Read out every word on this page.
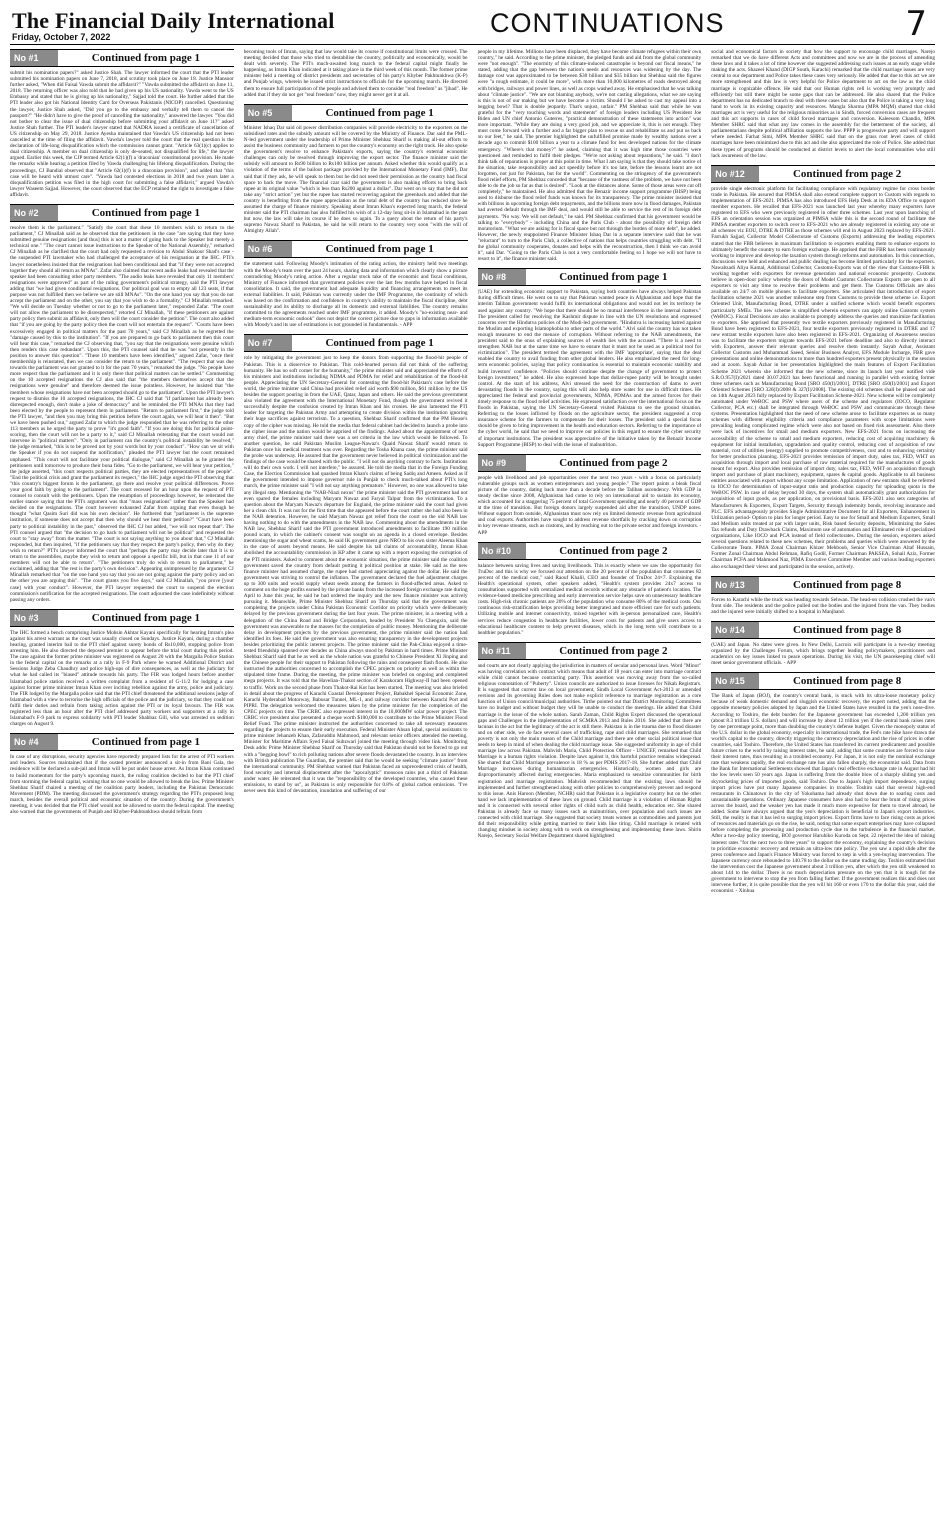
The Financial Daily International
Friday, October 7, 2022	CONTINUATIONS	7
No #1	Continued from page 1
submit his nomination papers?" asked Justice Shah. The lawyer informed the court that the PTI leader submitted his nomination papers on June 7, 2018, and scrutiny took place on June 18. Justice Mansoor further asked, "When did Faisal Vawda submit the affidavit?" "Vawda submitted the affidavit on June 11, 2018. The returning officer was also told that he had given up his US nationality. Vawda went to the US Embassy and stated that he is giving up his nationality," Sajjad told the court. He further added that the PTI leader also got his National Identity Card for Overseas Pakistanis (NICOP) cancelled. Questioning the lawyer, Justice Shah asked, "Did you go to the embassy and verbally tell them to cancel the passport?" "He didn't have to give the proof of cancelling the nationality," answered the lawyer. "You did not bother to clear the issue of dual citizenship before submitting your affidavit on June 11?" asked Justice Shah further. The PTI leader's lawyer stated that NADRA issued a certificate of cancellation of US citizenship on May 29, 2018. Justice Ayesha maintained that Vawda's US citizenship had not been cancelled at the time of filing the affidavit. Vawda's lawyer told the court that the real question is the declaration of life-long disqualification which the commission cannot grant. "Article 63(1)(c) applies to dual citizenship. A member on dual citizenship is only de-seated, not disqualified for life," the lawyer argued. Earlier this week, the CJP termed Article 62(1)(f) a 'draconian' constitutional provision. He made the remarks while hearing a petition filed by Vawda challenging his lifelong disqualification. During the proceedings, CJ Bandial observed that "Article 62(1)(f) is a draconian provision", and added that "this case will be heard with utmost care". "Vawda had contested elections in 2018 and two years later a disqualification petition was filed in the high court for submitting a false affidavit," argued Vawda's lawyer Waseem Sajjad. However, the court observed that the ECP retained the right to investigate a false affidavit.
No #2	Continued from page 1
resolve them is the parliament." "Satisfy the court that these 10 members wish to return to the parliament," CJ Minallah said as he observed that the petitioners in the case "are saying that they have submitted genuine resignations [and thus] this is not a matter of going back to the Speaker but merely a technical one." "The court cannot issue instructions to the Speaker of the National Assembly," remarked CJ Minallah as he clarified that the court had only requested a revision to Abdul Shakoor Shad's case - the suspended PTI lawmaker who had challenged the acceptance of his resignation at the IHC. PTI's lawyer nonetheless insisted that the resignations had been conditional and that "if they were not accepted together they should all return as MNAs". Zafar also claimed that recent audio leaks had revealed that the speaker had been consulting other party members. "The audio leaks have revealed that only 11 members' resignations were approved" as part of the ruling government's political strategy, said the PTI lawyer adding that "we had given conditional resignations. Our political goal was to empty all 123 seats, if that purpose was not fulfilled then we believe we are still MNAs". "On the one hand you say that you do not accept the parliament and on the other, you say that you wish to do a formality," CJ Minallah remarked. "We will decide on Tuesday whether or not to go to the parliament later," responded Zafar. "The court will not allow the parliament to be disrespected," retorted CJ Minallah, "if these petitioners are against party policy then submit an affidavit, only then will the court consider the petition". The court also added that "if you are going by the party policy then the court will not entertain the request". "Courts have been excessively engaged in political matters for the past 70 years," said CJ Minallah as he regretted the "damage caused by this to the institution". "If you are prepared to go back to parliament then this court will hear this case," remarked the CJ observing that, "you say that the resignations were genuine which then renders this case redundant". Upon this, the PTI counsel said that he was "not presently in the position to answer this question". "These 10 members have been identified," argued Zafar, "once their membership is reinstated, then we can consider the return to the parliament". "The respect that was due towards the parliament was not granted to it for the past 70 years," remarked the judge. "No people have more respect than the parliament and it is only there that political matters can be settled." Commenting on the 10 accepted resignations the CJ also said that "the members themselves accept that the resignations were genuine" and therefore deemed the issue pointless. However, he insisted that "the members whose resignations have not been accepted should go to the parliament". Upon the PTI lawyer's request to dismiss the 10 accepted resignations, the IHC CJ said that "if parliament has already been disrespected enough, don't make a joke of democracy" and he reminded the PTI MNAs that they had been elected by the people to represent them in parliament. "Return to parliament first," the judge told the PTI lawyer, "and then you may bring this petition before the court again, we will hear it then". "But we have been pushed out," argued Zafar to which the judge responded that he was referring to the other 113 members as he urged the party to prove "it's good faith". "If you are doing this for political point-scoring, then the court will not be a party to it," said CJ Minallah reiterating that the court would not intervene in "political matters". "Only in parliament can the country's political instability be resolved," the judge remarked, "this is to be proved not by your words but by your conduct". "How can we sit with the Speaker if you do not suspend the notification," pleaded the PTI lawyer but the court remained unphased. "This court will not facilitate your political dialogue," said CJ Minallah as he granted the petitioners until tomorrow to produce their bona fides. "Go to the parliament, we will hear your petition," the judge asserted, "this court respects political parties, they are elected representatives of the people". "End the political crisis and grant the parliament its respect," the IHC judge urged the PTI observing that "this country's biggest forum is the parliament, go there and resolve your political differences. Prove your good faith by going to the parliament". The court recessed for an hour upon the request of PTI counsel to consult with the petitioners. Upon the resumption of proceedings however, he reiterated the earlier stance saying that the PTI's argument was that "mass resignations" rather than the Speaker had decided on the resignations. The court however exhausted Zafar from arguing that even though he thought "what Qasim Suri did was his own decision". He furthered that "parliament is the supreme institution, if someone does not accept that then why should we hear their petition?" "Court have been party to political instability in the past," observed the IHC CJ but added, "we will not repeat that". The PTI counsel argued that "the decision to go back to parliament will not be political" and requested the court to "stay away" from the matter. "The court is not saying anything to you about that," CJ Minallah responded, but then inquired, "if the petitioners say that they respect the party's policy, then why do they wish to return?" PTI's lawyer informed the court that "perhaps the party may decide later that it is to return to the assemblies, maybe they wish to return and oppose a specific bill, but in that case 11 of our members will not be able to return". "The petitioners truly do wish to return to parliament," he exclaimed, adding that "the rest is the party's own decision". Appearing unimpressed by the argument CJ Minallah remarked that "on the one hand you say that you are not going against the party policy and on the other you are arguing this". "The court grants you five days," said CJ Minallah, "you prove [your case] with your conduct". However, the PTI lawyer requested the court to suspend the election commission's notification for the accepted resignations. The court adjourned the case indefinitely without passing any orders.
No #3	Continued from page 1
The IHC formed a bench comprising Justice Mohsin Akhtar Kayani specifically for hearing Imran's plea against his arrest warrant as the court was usually closed on Sundays. Justice Kayani, during a chamber hearing, granted interim bail to the PTI chief against surety bonds of Rs10,000, stopping police from arresting him. He also directed the deposed premier to appear before the trial court during this period. The case against the former prime minister was registered on August 20 with the Margalla Police Station in the federal capital on the remarks at a rally in F-9 Park where he warned Additional District and Sessions Judge Zeba Chaudhry and police high-ups of dire consequences, as well as the judiciary for what he had called its "biased" attitude towards his party. The FIR was lodged hours before another Islamabad police station received a written complaint from a resident of G-11/2 for lodging a case against former prime minister Imran Khan over inciting rebellion against the army, police and judiciary. The FIR lodged by the Margalla police said that the PTI chief threatened the additional sessions judge of Islamabad with a view to terrorise the high officials of the police and the judiciary, so that they could not fulfil their duties and refrain from taking action against the PTI or its loyal favours. The FIR was registered less than an hour after the PTI chief addressed party workers and supporters at a rally in Islamabad's F-9 park to express solidarity with PTI leader Shahbaz Gill, who was arrested on sedition charges on August 9.
No #4	Continued from page 1
In case of any disruptions, security agencies have reportedly prepared lists for the arrest of PTI workers and leaders. Sources maintained that if the ousted premier announced a sit-in from Bani Gala, the residence will be declared a sub-jail and Imran will be put under house arrest. As Imran Khan continued to build momentum for the party's upcoming march, the ruling coalition decided to bar the PTI chief from storming the federal capital, warning that no one would be allowed to break the law. Prime Minister Shehbaz Sharif chaired a meeting of the coalition party leaders, including the Pakistan Democratic Movement (PDM). The meeting discussed the government's strategy regarding the PTI's proposed long march, besides the overall political and economic situation of the country. During the government's meeting, it was decided that the PTI chief would not be allowed to storm the federal capital. The meeting also warned that the governments of Punjab and Khyber-Pakhtunkhwa should refrain from
becoming tools of Imran, saying that law would take its course if constitutional limits were crossed. The meeting decided that those who tried to destabilise the country, politically and economically, would be dealt with severely. The PTI's much-awaited long march to the federal capital might finally be happening, as Imran Khan indicated at it taking place in the third week of this month. The former prime minister held a meeting of district presidents and secretaries of his party's Khyber Pakhtunkhwa (K-P) and Punjab wings, wherein he issued strict instructions to officials for the upcoming march. He directed them to ensure full participation of the people and advised them to consider "real freedom" as "jihad". He added that if they do not get "real freedom" now, they might never get it at all.
No #5	Continued from page 1
Minister Ishaq Dar said oil power distribution companies will provide electricity to the exporters on the subsidised rates and the subsidy amount will be covered by the Ministry of Finance. Dar said the PML-N-led government under the leadership of Prime Minister Shehbaz Sharif is making all-out efforts to assist the business community and farmers to put the country's economy on the right track. He also spoke the government's resolve to enhance Pakistan's exports, saying the country's external economic challenges can only be resolved through improving the export sector. The finance minister said the subsidy will amount to Rs90 billion to Rs100 billion per annum. Asked whether this would qualify as a violation of the terms of the bailout package provided by the International Monetary Fund (IMF), Dar said that if they ask, he will speak to them but he did not need their permission as the country had fiscal space to back the move. The financial czar said the government is also making efforts to bring back rupee at its original value "which is less than Rs200 against a dollar". Dar went on to say that he did not take any "strict action" yet but the rupee has started recovering against the greenback and added that the country is benefiting from the rupee appreciation as the total debt of the country has reduced since he assumed the charge of finance ministry. Speaking about Imran Khan's expected long march, the federal minister said the PTI chairman has also fulfilled his wish of a 12-day long sit-in in Islamabad in the past but now, the law will take its course if he does so again. To a query about the return of his party's supremo Nawaz Sharif to Pakistan, he said he will return to the country very soon "with the will of Almighty Allah".
No #6	Continued from page 1
the statement said. Following Moody's intimation of the rating action, the ministry held two meetings with the Moody's team over the past 24 hours, sharing data and information which clearly show a picture contradicting Moody's rating action. After a regular stock take of the economic and fiscal conditions, Ministry of Finance informed that government policies over the last few months have helped in fiscal consolidation. It said, the government had adequate liquidity and financing arrangements to meet its external liabilities. It said, Pakistan was currently under the IMF Programme, the continuity of which was based on the confirmation and confidence in country's ability to maintain the fiscal discipline, debt sustainability and its ability to discharge all its domestic and external liabilities. The country remains committed to the agreements reached under IMF programme, it added. Moody's "no-existing near- and medium-term economic outlook" does not depict the correct picture due to gaps in information available with Moody's and its use of estimations is not grounded in fundamentals. - APP
No #7	Continued from page 1
role by mitigating the government just to keep the donors from supporting the flood-hit people of Pakistan. This is a disservice to Pakistan. This cold-hearted person did not think of the suffering humanity. He has no soft corner for the humanity," the prime minister said and appreciated the efforts of his ministers and institutions including NDMA and PDMA for relief and rehabilitation of the flood-hit people. Appreciating the UN Secretary-General for contesting the flood-hit Pakistan's case before the world, the prime minister said China had provided relief aid worth $90 million, $61 million by the US besides the support pouring in from the UAE, Qatar, Japan and others. He said the previous government also violated the agreement with the International Monetary Fund, though the government revived it successfully despite the confusion created by Imran Khan and his cronies. He also lamented the PTI leader for targeting the Pakistan Army and attempting to create division within the institution ignoring their huge sacrifices against terrorism. To a question, Shehbaz Sharif confirmed that the PM House's copy of the cipher was missing. He told the media that federal cabinet had decided to launch a probe into the cipher issue and the nation would be apprised of the findings. Asked about the appointment of next army chief, the prime minister said there was a set criteria in the law which would be followed. To another question, he said Pakistan Muslim League-Nawaz's Quaid Nawaz Sharif would return to Pakistan once his medical treatment was over. Regarding the Tosha Khana case, the prime minister said the probe was underway. He assured that the government never believed in political victimization and the findings of the case would be shared with the public. "I will not do anything contrary to facts. Institutions will do their own work. I will not interfere," he assured. He told the media that in the Foreign Funding Case, the Election Commission had quashed Imran Khan's claims of being Sadiq and Ameen. Asked as if the government intended to impose governor rule in Punjab to check much-talked about PTI's long march, the prime minister said "I will not say anything premature." However, no one was allowed to take any illegal step. Mentioning the "NAB-Niazi nexus" the prime minister said the PTI government had not even spared the females including Maryam Nawaz and Faryal Talpur from the victimization. To a question about the Maryam Nawaz's departure for England, the prime minister said the court had given her a clean chit. It was not for the first time that she appeared before the court rather she had also been in the NAB detention. However, he said Maryam Nawaz got relief from the court on the old NAB law having nothing to do with the amendments in the NAB law. Commenting about the amendments in the NAB law, Shehbaz Sharif said the PTI government introduced amendments to facilitate 190 million pound scam, in which the cabinet's consent was sought on an agenda in a closed envelope. Besides mentioning the sugar and wheat scams, he said IK government gave NRO to his own sister Aleema Khan in the case of assets beyond means. He said despite his tall claims of accountability, Imran Khan abolished the accountability commission in KP after it came up with a report exposing the corruption of the PTI ministers. Asked to comment about the economic situation, the prime minister said the coalition government saved the country from default putting it political position at stake. He said as the new finance minister had assumed charge, the rupee had started appreciating against the dollar. He said the government was striving to control the inflation. The government declared the fuel adjustment charges up to 300 units and would supply wheat seeds among the farmers in flood-affected areas. Asked to comment on the huge profits earned by the private banks from the increased foreign exchange rate during April to June this year, he said he had ordered the inquiry and the new finance minister was actively pursuing it. Meanwhile, Prime Minister Shehbaz Sharif on Thursday said that the government was completing the projects under China Pakistan Economic Corridor on priority which were deliberately delayed by the previous government during the last four years. The prime minister, in a meeting with a delegation of the China Road and Bridge Corporation, headed by President Yu Chengxin, said the government was answerable to the masses for the completion of public money. Mentioning the deliberate delay in development projects by the previous government, the prime minister said the nation had identified its foes. He said the government was also ensuring transparency in the development projects besides prioritizing the public interest projects. The prime minister said the Pak-China enjoyed a time-tested friendship spanned over decades as China always stood by Pakistan in hard times. Prime Minister Shehbaz Sharif said that he as well as the whole nation was grateful to Chinese President Xi Jinping and the Chinese people for their support to Pakistan following the rains and consequent flash floods. He also instructed the authorities concerned to accomplish the CPEC projects on priority as well as within the stipulated time frame. During the meeting, the prime minister was briefed on ongoing and completed mega projects. It was told that the Havelian-Thakot section of Karakoram Highway-II had been opened to traffic. Work on the second phase from Thakot-Rai Kot has been started. The meeting was also briefed in detail about the progress of Karachi Coastal Development Project, Babakhel Special Economic Zone, Karachi Hyderabad Motorway, Babusar Tunnel, ML-1, and railway corridor between Karachi Port and PIPRI. The delegation welcomed the measures taken by the prime minister for the completion of the CPEC projects on time. The CRBC also expressed interest in the 10,000MW solar power project. The CRBC vice president also presented a cheque worth $100,000 to contribute to the Prime Minister Flood Relief Fund. The prime minister instructed the authorities concerned to take all necessary measures regarding the projects to ensure their early execution. Federal Minister Ahsan Iqbal, special assistants to prime minister Jehanzeb Khan, Zafaruddin Mahmood, and relevant senior officers attended the meeting. Minister for Maritime Affairs Syed Faisal Subzwari joined the meeting through video link. Monitoring Desk adds: Prime Minister Shehbaz Sharif on Thursday said that Pakistan should not be forced to go out with a "begging bowl" to rich polluting nations after severe floods devastated the country. In an interview with British publication The Guardian, the premier said that he would be seeking "climate justice" from the international community. PM Shehbaz warned that Pakistan faced an unprecedented crisis of health, food security and internal displacement after the "apocalyptic" monsoon rains put a third of Pakistan under water. He reiterated that it was the "responsibility of the developed countries, who caused these emissions, to stand by us", as Pakistan is only responsible for 0.8% of global carbon emissions. "I've never seen this kind of devastation, inundation and suffering of our
people in my lifetime. Millions have been displaced, they have become climate refugees within their own country," he said. According to the prime minister, the pledged funds and aid from the global community were "not enough". "The enormity of this climate-induced catastrophe is beyond our fiscal means," he stated, adding that the gap between the nation's needs and resources was widening by the day. The damage cost was approximated to be between $30 billion and $35 billion but Shehbaz said the figures were "a rough estimate, it could be more", with more than 10,000 kilometres of roads destroyed along with bridges, railways and power lines, as well as crops washed away. He emphasised that he was talking about "climate justice". "We are not blaming anybody, we're not casting allegations, what we are saying is this is not of our making but we have become a victim. Should I be asked to cast my appeal into a begging bowl? That is double jeopardy. That's unjust, unfair." PM Shehbaz said that while he was grateful for the "very touching words and statements" of foreign leaders including US President Joe Biden and UN chief Antonio Guterres, "practical demonstration of these statements into action" was more important. "While they are doing a very good job, and we appreciate it, this is not enough. They must come forward with a further and a far bigger plan to rescue us and rehabilitate us and put us back on our feet," he said. The premier highlighted the unfulfilled promise made by wealthy nations over a decade ago to commit $100 billion a year to a climate fund for less developed nations for the climate emergency. "Where's that money?" he asked, claiming that it was high time those countries were questioned and reminded to fulfil their pledges. "We're not asking about reparations," he said. "I don't think talk of reparations is proper at this point in time. What I am saying is that they should take notice of the situation, take responsibility and act speedily before it's too late, before the lessons learnt are not forgotten, not just for Pakistan, but for the world". Commenting on the stringency of the government's flood relief efforts, PM Shehbaz conceded that "because of the vastness of the problem, we have not been able to do the job so far as that is desired". "Look at the distances alone. Some of those areas were cut off completely," he maintained. He also admitted that the Benazir income support programme (BISP) being used to disburse the flood relief funds was known for its transparency. The prime minister insisted that with billions in upcoming foreign debt repayments, and the billions more now in flood damages, Pakistan had averted default through the IMF deal, and would still be able to service the rest of its foreign debt payments. "No way. We will not default," he said. PM Shehbaz confirmed that his government would be talking to "everybody" - including China and the Paris Club - about the possibility of foreign debt moratorium. "What we are asking for is fiscal space but not through the burden of more debt", he added. However, the newly reappointed Finance Minister Ishaq Dar in a separate interview said that he was "reluctant" to turn to the Paris Club, a collective of nations that helps countries struggling with debt. "If the global community cooperates, donates and helps with the reconstruction, then I think we can avoid it", said Dar. "Going to the Paris Club is not a very comfortable feeling so I hope we will not have to resort to it", the finance minister said.
No #8	Continued from page 1
(UAE) for extending economic support to Pakistan, saying both countries have always helped Pakistan during difficult times. He went on to say that Pakistan wanted peace in Afghanistan and hope that the interim Taliban government would fulfil its international obligations and would not let its territory be used against any country. "We hope that there should be no mutual interference in the internal matters." The president called for resolving the Kashmir dispute in line with the UN resolutions and expressed concerns over the Hindutva policies of the Modi-led government. "Hindutva is increasing hatred against the Muslim and exporting Islamophobia to other parts of the world." Alvi said the country has not taken enough measures to end the menace of corruption. Without referring to the NAB amendments, the president said to the onus of explaining sources of wealth lies with the accused. "There is a need to strengthen NAB but at the same time we have to ensure that it must not be used as a political tool for victimization". The president termed the agreement with the IMF 'appropriate', saying that the deal enabled the country to avail funding from other global lenders. He also emphasized the need for long-term economic policies, saying that policy continuation is essential to maintain economic stability and build investors' confidence. "Policies should continue despite the change of government to protect foreign investment," he added. He also expressed hope that dollar-rupee parity will be brought under control. At the start of his address, Alvi stressed the need for the construction of dams to avert devastating floods in the country, saying this will also help store water for use in difficult times. He appreciated the federal and provincial governments, NDMA, PDMAs and the armed forces for their timely response to the flood relief activities. He expressed satisfaction over the international focus on the floods in Pakistan, saying the UN Secretary-General visited Pakistan to see the ground situation. Referring to the losses inflicted by floods on the agriculture sector, the president suggested a crop insurance scheme for the farmers to compensate for their losses. The president said a special focus should be given to bring improvement in the health and education sectors. Referring to the importance of the cyber world, he said that we need to improve our policies in this regard to ensure the cyber security of important institutions. The president was appreciative of the initiative taken by the Benazir Income Support Programme (BISP) to deal with the issue of malnutrition.
No #9	Continued from page 2
people with livelihood and job opportunities over the next two years - with a focus on particularly vulnerable groups such as women entrepreneurs and young people." The report paints a bleak fiscal picture of the country, dating back more than a decade before the Taliban ascendency. With GDP in steady decline since 2008, Afghanistan had come to rely on international aid to sustain its economy, which accounted for a staggering 75 percent of total Government spending and nearly 40 percent of GDP at the time of transition. But foreign donors largely suspended aid after the transition, UNDP notes. Without support from outside, Afghanistan must now rely on limited domestic revenue from agricultural and coal exports. Authorities have sought to address revenue shortfalls by cracking down on corruption in key revenue streams, such as customs, and by reaching out to the private sector and foreign investors. - APP
No #10	Continued from page 2
balance between saving lives and saving livelihoods. This is exactly where we saw the opportunity for TruDoc and this is why we focused our attention on the 20 percent of the population that consumes 82 percent of the medical cost," said Raouf Khalil, CEO and founder of TruDoc 24×7. Explaining the Health's operational system, other speakers added, "Health's system provides 24x7 access to consultations supported with centralized medical records without any obstacle of patient's location. The evidence-based medicine prescribing and early intervention service helps save on unnecessary healthcare costs. High-risk chronic patients are 20% of the population who consume 80% of the medical costs. Our continuous risk-stratification helps providing better integrated and more efficient care for such patients. Utilizing mobile and internet connectivity, mixed together with in-person personalized care, Health's services reduce congestion in healthcare facilities, lower costs for patients and give users access to educational healthcare content to help prevent diseases, which in the long term will contribute to a healthier population."
No #11	Continued from page 2
and courts are not clearly applying the jurisdiction in matters of secular and personal laws. Word "Minor" was having correlation with contract which means that adult of 18 years can enter into marriage contract while child cannot because contracting party. This assertion was moving away from the so-called religious connotation of "Puberty". Union councils are authorized to issue licenses for Nikah Registrars. It is suggested that current law on local government, Sindh Local Government Act-2013 or amended versions and its governing Rules does not make explicit reference to marriage registration as a core function of Union council/municipal authorities. Tirthe pointed out that District Monitoring Committees have no budget and without budget they will be unable to conduct the meetings. He added that Child marriage is the issue of the whole nation. Sarah Zaman, Child Rights Expert discussed the operational gaps and Challenges in the implementation of SCMRA 2013 and Rules 2016. She added that there are lacunas in the act but the legitimacy of the act is still there. Pakistan is in the trauma due to flood disaster and on other side, we do face several cases of trafficking, rape and child marriages. She remarked that poverty is not only the main reason of the Child marriage and there are other social political issue that needs to keep in mind of when dealing the child marriage issue. She suggested uniformity in age of child marriage law across Pakistan. Mahvish Maria, Child Protection Officer - UNICEF, remarked that Child Marriage is a human rights violation. Despite laws against it, this harmful practice remains widespread. She shared that Child Marriage prevalence is 18 % as per PDHS 2017-18. She further added that Child Marriage increases during humanitarian emergencies. Historically, women and girls are disproportionately affected during emergencies. Maria emphasized to sensitize communities for birth registration and marriage registration. Mahvish recommended that the existing laws should be implemented and further strengthened along with other policies to comprehensively prevent and respond to this issue. Anis Haroon (Member, NCHR) said that Pakistan is a legislative country but on the other hand we lack implementation of these laws on ground. Child marriage is a violation of Human Rights and it is connected with several other rights of child such as child health, education etc. She shared Pakistan is already face so many issues such as malnutrition, over population and such issues are connected with child marriage. She suggested that society treats women as commodities and parents just did their responsibility while getting married to their kids like tiring. Child marriage is related with changing mindset in society along with to work on strengthening and implementing these laws. Shirin Narejo, Secretary Social Welfare Department shared highlighted
social and economical factors in society that how the support to encourage child marriages. Narejo remarked that we do have different Acts and committees and now we are in the process of amending these laws and it takes a lot of time however she suggested addressing such issues at an early stage while making the acts. Shazeel Khand (DIGP South, Karachi) remarked that the child marriage issues are very central to our department and Police takes these cases very seriously. He added that due to this act we are more strengthened and this law is very helpful for Police department to act on the law as the child marriage is cognizable offence. He said that our Human rights cell is working very promptly and efficiently but still there might be some gaps that can be addressed. He also shared that the Police department has no dedicated branch to deal with these cases but also that the Police is taking a very long hand to work in its existing capacity and resources. Mangla Sharma (MPA MQM) shared that child marriages act is very useful for the religious minorities as in Sindh, forced conversion cases are frequent and this act supports in cases of child forced marriages and conversion. Kaleesom Chandio, MPA Member SHRC said that what any law comes in the assembly for the betterment of the society, all parliamentarians despite political affiliation supports the law. PPPP is progressive party and will support where needed. Farhat Simi, MPA Member SHRC said that on the grass root level cases of child marriages have been minimized due to this act and she also appreciated the role of Police. She added that these types of programs should be conducted at district levels to alert the local communities who still lack awareness of the law.
No #12	Continued from page 2
provide single electronic platform for facilitating compliance with regulatory regime for cross border trade in Pakistan. He assured that PIMSA shall also extend complete support to Custom with regards to implementation of EFS-2021. PIMSA has also introduced EFS Help Desk at its EDA Office to support member exporters. He recalled that EFS-2021 was launched last year whereby many exporters have registered to EFS who were previously registered in other three schemes. Last year upon launching of EFS an orientation session was organized at PIMSA while this is the second round of facilitate the PIMSA member exporters to switch over to EFS-2021 who are already registered in existing any one or all schemes viz EOU, DTRE & DTRE as those schemes will end in August 2023 replaced by EFS-2021. Farrukh Sajjad, Collector Model Collectorate of Customs (Exports) addressing the leading exporters stated that the FBR believes in maximum facilitation to exporters enabling them to enhance exports to ultimately benefit the country to earn foreign exchange. He apprised that the FBR has been continuously working to improve and develop the taxation system through reforms and automation. In this connection, discussions were held and enhanced and public dealing has become limited particularly for the exporters. Nawabzadi Aliya Kamal, Additional Collector, Customs-Exports was of the view that Customs-FBR is working together with exporters for revenue generation and national economic prosperity. Customs believe in open-door policy whereby the doors of Model Customs Collectorate Exports are open to all exporters to visit any time to resolve their problems and get them. The Customs Officials are also available on 24/7 on mobile phones to facilitate exporters. She articulated that introduction of export facilitation scheme 2021 was another milestone step from Customs to provide these scheme i.e. Export Oriented Unit, Manufacturing Bond, DTRE under a unified scheme which would benefit exporters particularly SMEs. The new scheme is simplified wherein exporters can apply online Customs system (WeBOC). Fiscal Decisions are also available to promptly address the queries and maximize facilitation to exporters. She apprised that presently two textile exporters previously registered in Manufacturing Bond have been registered to EFS-2021, four textile exporters previously registered in DTRE and 17 new entrant textile exporters have also been registered in EFS-2021. Organizing of Awareness session was to facilitate the exporters migrate towards EFS-2021 before deadline and also to directly interact with Exporters, answer their relevant queries and resolve them instantly. Sayab Azhar, Assistant Collector Customs and Muhammad Saeed, Senior Business Analyst, EFS Module Incharge, FBR gave presentations and online demonstrations to more than hundred exporters present physically in the session and at zoom. Sayab Azhar in her presentation highlighted the main features of Export Facilitation Scheme 2021 wherein she informed that the new scheme, since its launch last year notified vide S.R.O.957(I)/2021 dated 30.07.2021 has been functional and running in parallel with existing former three schemes such as Manufacturing Bond [SRO 450(I)/2001], DTRE [SRO 450(I)/2001] and Export Oriented Schemes [SRO 326(I)/2008 & 327(I)/2008]. The existing old schemes shall be phased out and on 14th August 2023 fully replaced by Export Facilitation Scheme-2021. New scheme will be completely automated under WeBOC and PSW where users of the scheme and regulators (IOCO, Regulator Collector, PCA etc.) shall be integrated through WeBOC and PSW and communicate through these systems. Presentation highlighted that the need of new scheme arose to facilitate exporters as so many schemes with different eligibility criteria and compliance parameters with scope limitations were prevailing leading complicated regime which were also not based on fixed risk assessment. Also there were lack of incentives for small and medium exporters. New EFS-2021 focus on increasing the accessibility of the scheme to small and medium exporters, reducing cost of acquiring machinery & equipment for initial installation, upgradation and quality control, reducing cost of acquisition of raw material, cost of utilities (energy) supplied to promote competitiveness, cost and to enhancing certainty for better production planning. EFS-2021 provides remission of import duty, sales tax, FED, WHT on acquisition through import and local purchase of raw material required for the manufactures of goods meant for export. Also provides remission of import duty, sales tax, FED, WHT on acquisition through import and purchase of plant machinery, equipment, spares & capital goods. Applicable to all business entities associated with export without any scope limitation. Application of new entrants shall be referred to IOCO for determination of input-output ratio and production capacity for uploading quota in the WeBOC PSW. In case of delay beyond 30 days, the system shall automatically grant authorization for acquisition of input goods, as per application, on provisional basis. EFS-2021 also sets categories of Manufacturers & Exporters, Export Targets, Security through indemnity bonds, revolving insurance and PLC. EFS advantageously provides Single Administrative Document for all Exporters, Enhancement in Utilization period- Option to plan for longer period. Easy to use for Small and Medium Exporters, Small and Medium units treated at par with larger units, Risk based Security deposits, Minimizing the Sales Tax refunds and Duty Drawback Claims, Maximum use of automation and Eliminated role of specialized organizations, Like IOCO and PCA instead of field collectorates. During the session, exporters asked several questions related to these new schemes, their problems and queries which were answered by the Collectorate Team. PIMA Zonal Chairman Khizer Mehboob, Senior Vice Chairman Altaf Hussain, Former Zonal Chairman Abdul Rehman, Rafiq Godil, Former Chairman PAKSEA, Sohail Aziz, Former Chairman PCFA and Mahmood Naz, PIMA Executive Committee Member and various leading exporters also exchanged their views and participated in the session, actively.
No #13	Continued from page 8
Forces to Karachi while the truck was heading towards Sehwan. The head-on collision crushed the van's front side. The residents and the police pulled out the bodies and the injured from the van. They bodies and the injured were initially shifted to a hospital in Manjhand.
No #14	Continued from page 8
(UAE) and Japan. No dates were given. In New Delhi, Lacroix will participate in a two-day meeting organized by the Challenges Forum, which brings together leading policymakers, practitioners and academics on key issues linked to peace operations. During his visit, the UN peacekeeping chief will meet senior government officials. - APP
No #15	Continued from page 8
The Bank of Japan (BOJ), the country's central bank, is stuck with its ultra-loose monetary policy because of weak domestic demand and sluggish economic recovery, the expert noted, adding that the opposite monetary policies adopted by Japan and the United States have resulted in the yen's nose-dive. According to Toshiro, the debt burden for the Japanese government has exceeded 1,200 trillion yen (about 8.3 trillion U.S. dollars) and will increase by about 12 trillion yen if the central bank raises rates by one percentage point, more than doubling the country's defense budget. Given the monopoly status of the U.S. dollar in the global economy, especially in international trade, the Fed's rate hike have drawn the world's capital to the country, directly triggering the currency depreciation and the rise of prices in other countries, said Toshiro. Therefore, the United States has transferred its current predicament and possible future crises to the world by raising interest rates, he said, adding that some countries are forced to raise their interest rates, thus resulting in a troubled economy. For Japan, it is not only the nominal exchange rate that weakens rapidly, the real exchange rate has also fallen sharply, the economist said. Data from the Bank for International Settlements showed that Japan's real effective exchange rate in August had hit the low levels seen 50 years ago. Japan is suffering from the double blow of a sharply sliding yen and skyrocketing prices of imported goods, said Toshiro. Due to Japan's high import dependence, surging import prices have put many Japanese companies in trouble. Toshiro said that several high-end restaurants in Chinatown in the city of Yokohama had already shut down due to soaring costs and unsustainable operations. Ordinary Japanese consumers have also had to bear the brunt of rising prices across the board, and the weaker yen has made it much more expensive for them to travel abroad, he added. Some have always argued that the yen's depreciation is beneficial to Japan's export industries. Still, the reality is that it has led to surging import prices. Export firms have to face rising costs as prices of resources and materials go on the rise, he said, noting that some export enterprises may have collapsed before completing the processing and production cycle due to the turbulence in the financial market. After a two-day policy meeting, BOJ governor Haruhiko Kuroda on Sept. 22 rejected the idea of raising interest rates "for the next two to three years" to support the economy, explaining the country's decision to prioritize economic recovery and remain an ultra-low rate policy. The yen saw a rapid slide after the press conference and Japan's Finance Ministry was forced to step in with a yen-buying intervention. The Japanese currency once rebounded to 140.78 to the dollar on the same trading day. Toshiro estimated that the intervention cost the Japanese government about 3 trillion yen, after which the yen still weakened to about 144 to the dollar. There is no much depreciation pressure on the yen that it is tough for the government to intervene to stop the yen from falling further. If the government realizes this and does not intervene further, it is quite possible that the yen will hit 160 or even 170 to the dollar this year, said the economist. - Xinhua
